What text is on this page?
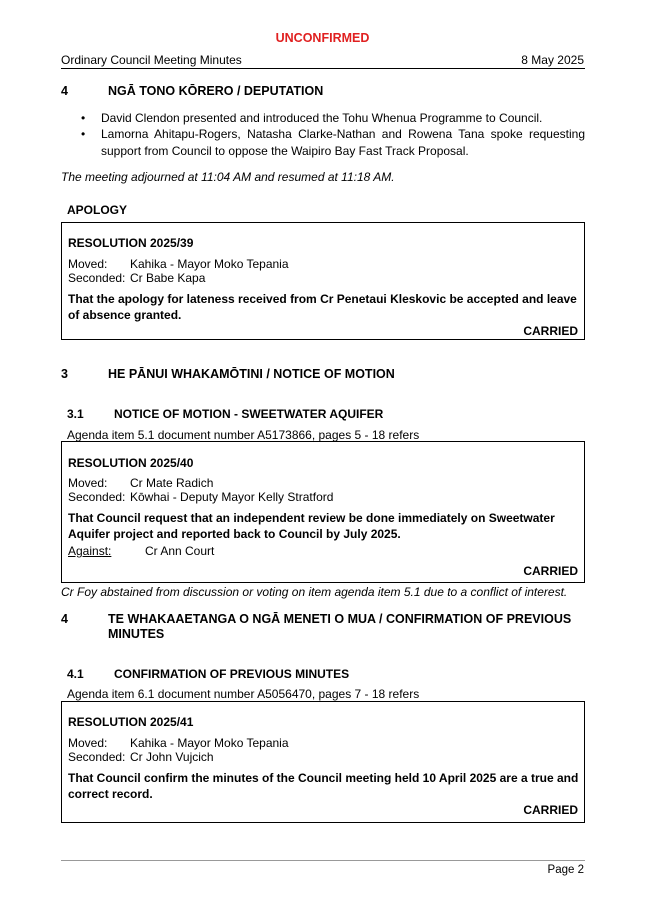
UNCONFIRMED
Ordinary Council Meeting Minutes	8 May 2025
4	NGĀ TONO KŌRERO / DEPUTATION
• David Clendon presented and introduced the Tohu Whenua Programme to Council.
• Lamorna Ahitapu-Rogers, Natasha Clarke-Nathan and Rowena Tana spoke requesting support from Council to oppose the Waipiro Bay Fast Track Proposal.
The meeting adjourned at 11:04 AM and resumed at 11:18 AM.
APOLOGY
RESOLUTION 2025/39
Moved: Kahika - Mayor Moko Tepania
Seconded: Cr Babe Kapa
That the apology for lateness received from Cr Penetaui Kleskovic be accepted and leave of absence granted.
CARRIED
3	HE PĀNUI WHAKAMŌTINI / NOTICE OF MOTION
3.1	NOTICE OF MOTION - SWEETWATER AQUIFER
Agenda item 5.1 document number A5173866, pages 5 - 18 refers
RESOLUTION 2025/40
Moved: Cr Mate Radich
Seconded: Kōwhai - Deputy Mayor Kelly Stratford
That Council request that an independent review be done immediately on Sweetwater Aquifer project and reported back to Council by July 2025.
Against:	Cr Ann Court
CARRIED
Cr Foy abstained from discussion or voting on item agenda item 5.1 due to a conflict of interest.
4	TE WHAKAAETANGA O NGĀ MENETI O MUA / CONFIRMATION OF PREVIOUS MINUTES
4.1	CONFIRMATION OF PREVIOUS MINUTES
Agenda item 6.1 document number A5056470, pages 7 - 18 refers
RESOLUTION 2025/41
Moved: Kahika - Mayor Moko Tepania
Seconded: Cr John Vujcich
That Council confirm the minutes of the Council meeting held 10 April 2025 are a true and correct record.
CARRIED
Page 2
